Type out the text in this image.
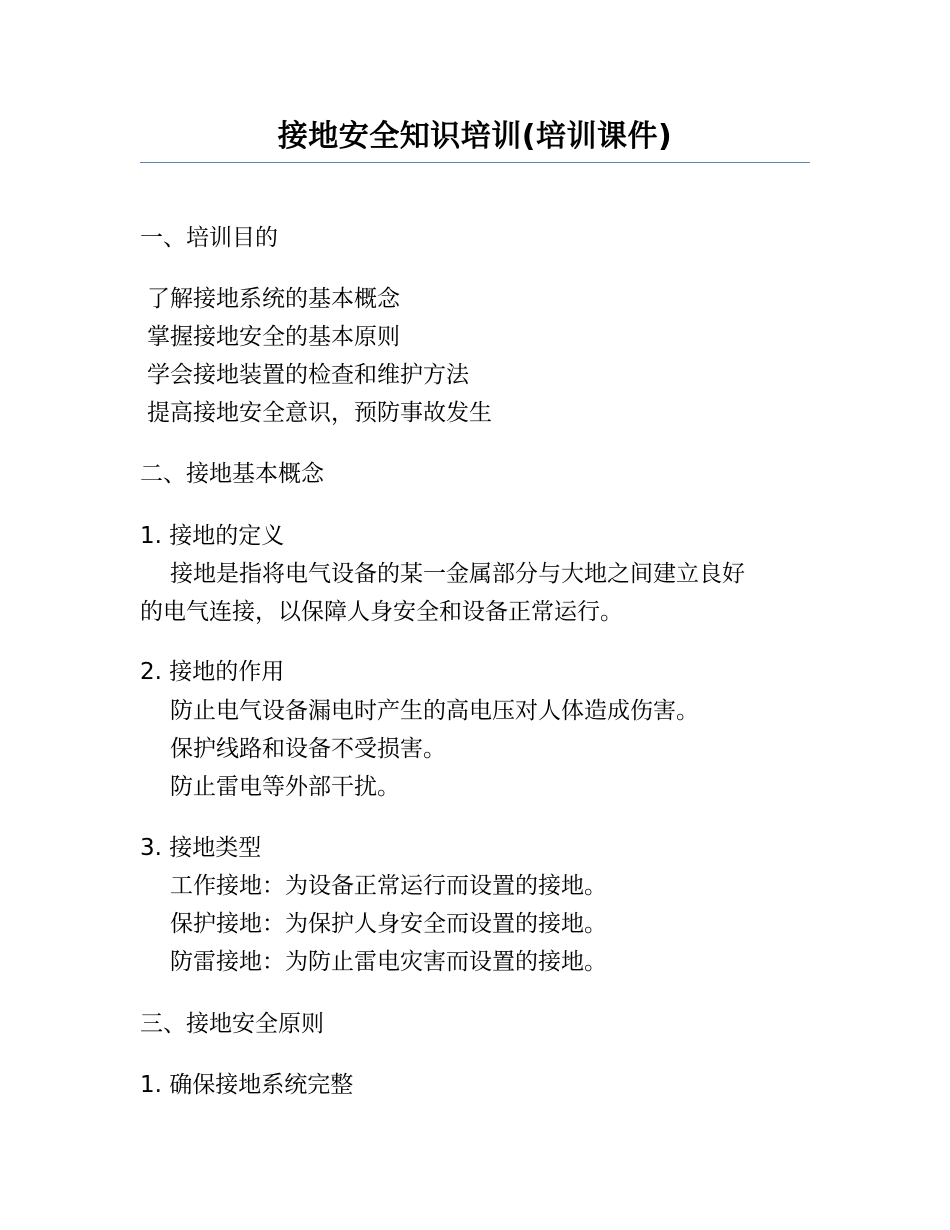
接地安全知识培训(培训课件)
一、培训目的
了解接地系统的基本概念
掌握接地安全的基本原则
学会接地装置的检查和维护方法
提高接地安全意识，预防事故发生
二、接地基本概念
1. 接地的定义
接地是指将电气设备的某一金属部分与大地之间建立良好
的电气连接，以保障人身安全和设备正常运行。
2. 接地的作用
防止电气设备漏电时产生的高电压对人体造成伤害。
保护线路和设备不受损害。
防止雷电等外部干扰。
3. 接地类型
工作接地：为设备正常运行而设置的接地。
保护接地：为保护人身安全而设置的接地。
防雷接地：为防止雷电灾害而设置的接地。
三、接地安全原则
1. 确保接地系统完整
